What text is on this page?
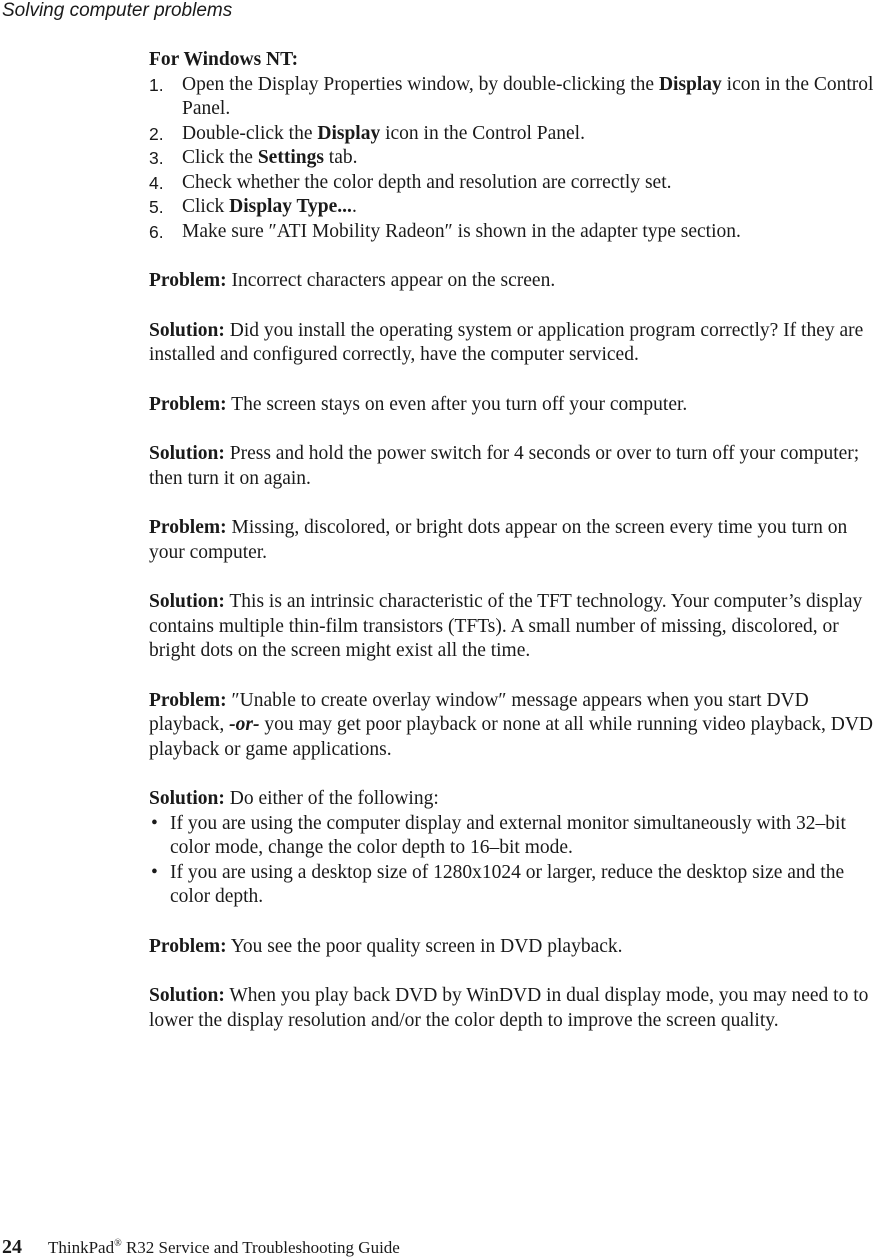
Solving computer problems

For Windows NT:

1. Open the Display Properties window, by double-clicking the Display icon in the Control Panel.
2. Double-click the Display icon in the Control Panel.
3. Click the Settings tab.
4. Check whether the color depth and resolution are correctly set.
5. Click Display Type....
6. Make sure ″ATI Mobility Radeon″ is shown in the adapter type section.

Problem: Incorrect characters appear on the screen.

Solution: Did you install the operating system or application program correctly? If they are installed and configured correctly, have the computer serviced.

Problem: The screen stays on even after you turn off your computer.

Solution: Press and hold the power switch for 4 seconds or over to turn off your computer; then turn it on again.

Problem: Missing, discolored, or bright dots appear on the screen every time you turn on your computer.

Solution: This is an intrinsic characteristic of the TFT technology. Your computer’s display contains multiple thin-film transistors (TFTs). A small number of missing, discolored, or bright dots on the screen might exist all the time.

Problem: ″Unable to create overlay window″ message appears when you start DVD playback, -or- you may get poor playback or none at all while running video playback, DVD playback or game applications.

Solution: Do either of the following:

• If you are using the computer display and external monitor simultaneously with 32–bit color mode, change the color depth to 16–bit mode.
• If you are using a desktop size of 1280x1024 or larger, reduce the desktop size and the color depth.

Problem: You see the poor quality screen in DVD playback.

Solution: When you play back DVD by WinDVD in dual display mode, you may need to to lower the display resolution and/or the color depth to improve the screen quality.

24 ThinkPad® R32 Service and Troubleshooting Guide
